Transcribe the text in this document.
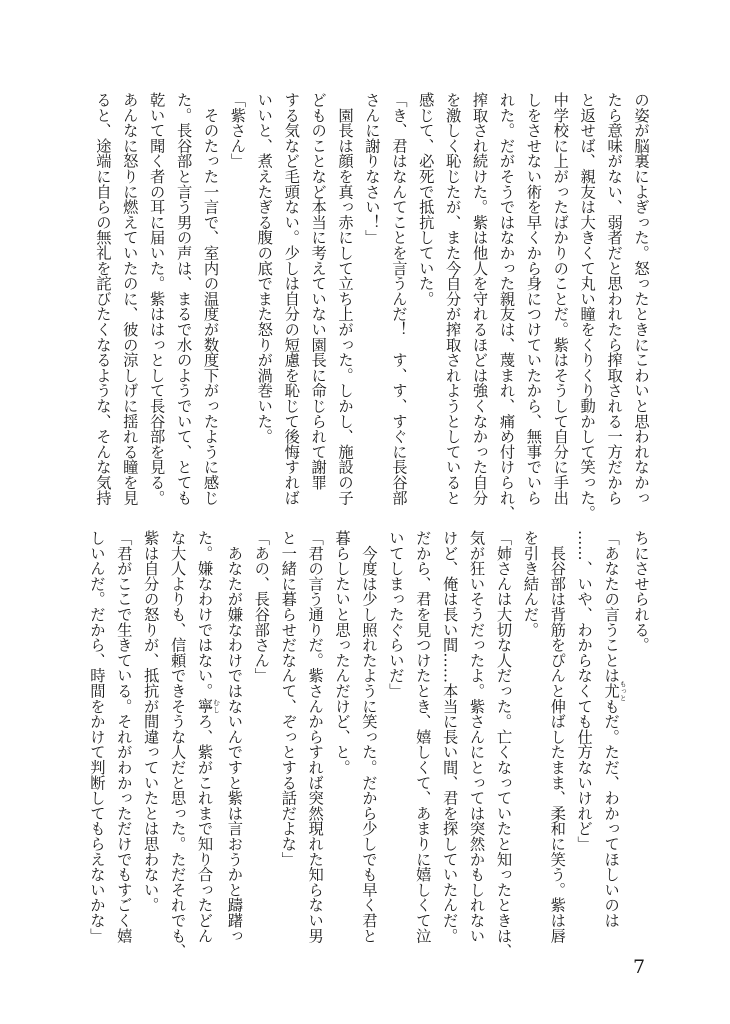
の姿が脳裏によぎった。怒ったときにこわいと思われなかっ

たら意味がない、弱者だと思われたら搾取される一方だから

と返せば、親友は大きくて丸い瞳をくりくり動かして笑った。

中学校に上がったばかりのことだ。紫はそうして自分に手出

しをさせない術を早くから身につけていたから、無事でいら

れた。だがそうではなかった親友は、蔑まれ、痛め付けられ、

搾取され続けた。紫は他人を守れるほどは強くなかった自分

を激しく恥じたが、また今自分が搾取されようとしていると

感じて、必死で抵抗していた。

「き、君はなんてことを言うんだ！　す、す、すぐに長谷部

さんに謝りなさい！」

　園長は顔を真っ赤にして立ち上がった。しかし、施設の子

どものことなど本当に考えていない園長に命じられて謝罪

する気など毛頭ない。少しは自分の短慮を恥じて後悔すれば

いいと、煮えたぎる腹の底でまた怒りが渦巻いた。

「紫さん」

　そのたった一言で、室内の温度が数度下がったように感じ

た。長谷部と言う男の声は、まるで水のようでいて、とても

乾いて聞く者の耳に届いた。紫ははっとして長谷部を見る。

あんなに怒りに燃えていたのに、彼の涼しげに揺れる瞳を見

ると、途端に自らの無礼を詫びたくなるような、そんな気持

ちにさせられる。

「あなたの言うことは尤 もっともだ。ただ、わかってほしいのは

……、いや、わからなくても仕方ないけれど」

　長谷部は背筋をぴんと伸ばしたまま、柔和に笑う。紫は唇

を引き結んだ。

「姉さんは大切な人だった。亡くなっていたと知ったときは、

気が狂いそうだったよ。紫さんにとっては突然かもしれない

けど、俺は長い間……本当に長い間、君を探していたんだ。

だから、君を見つけたとき、嬉しくて、あまりに嬉しくて泣

いてしまったぐらいだ」

　今度は少し照れたように笑った。だから少しでも早く君と

暮らしたいと思ったんだけど、と。

「君の言う通りだ。紫さんからすれば突然現れた知らない男

と一緒に暮らせだなんて、ぞっとする話だよな」

「あの、長谷部さん」

　あなたが嫌なわけではないんですと紫は言おうかと躊躇っ

た。嫌なわけではない。寧 むしろ、紫がこれまで知り合ったどん

な大人よりも、信頼できそうな人だと思った。ただそれでも、

紫は自分の怒りが、抵抗が間違っていたとは思わない。

「君がここで生きている。それがわかっただけでもすごく嬉

しいんだ。だから、時間をかけて判断してもらえないかな」

7
